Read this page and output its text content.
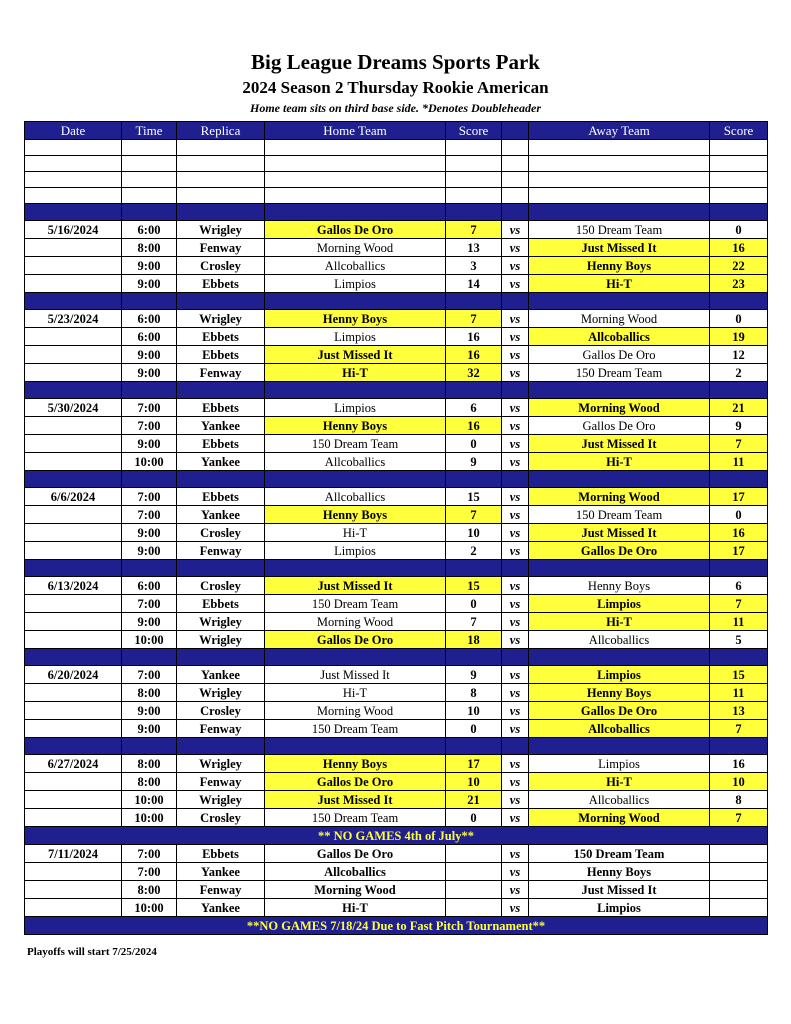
Big League Dreams Sports Park
2024 Season 2 Thursday Rookie American
Home team sits on third base side. *Denotes Doubleheader
Date	Time	Replica	Home Team	Score		Away Team	Score

5/16/2024	6:00	Wrigley	Gallos De Oro	7	vs	150 Dream Team	0
	8:00	Fenway	Morning Wood	13	vs	Just Missed It	16
	9:00	Crosley	Allcoballics	3	vs	Henny Boys	22
	9:00	Ebbets	Limpios	14	vs	Hi-T	23

5/23/2024	6:00	Wrigley	Henny Boys	7	vs	Morning Wood	0
	6:00	Ebbets	Limpios	16	vs	Allcoballics	19
	9:00	Ebbets	Just Missed It	16	vs	Gallos De Oro	12
	9:00	Fenway	Hi-T	32	vs	150 Dream Team	2

5/30/2024	7:00	Ebbets	Limpios	6	vs	Morning Wood	21
	7:00	Yankee	Henny Boys	16	vs	Gallos De Oro	9
	9:00	Ebbets	150 Dream Team	0	vs	Just Missed It	7
	10:00	Yankee	Allcoballics	9	vs	Hi-T	11

6/6/2024	7:00	Ebbets	Allcoballics	15	vs	Morning Wood	17
	7:00	Yankee	Henny Boys	7	vs	150 Dream Team	0
	9:00	Crosley	Hi-T	10	vs	Just Missed It	16
	9:00	Fenway	Limpios	2	vs	Gallos De Oro	17

6/13/2024	6:00	Crosley	Just Missed It	15	vs	Henny Boys	6
	7:00	Ebbets	150 Dream Team	0	vs	Limpios	7
	9:00	Wrigley	Morning Wood	7	vs	Hi-T	11
	10:00	Wrigley	Gallos De Oro	18	vs	Allcoballics	5

6/20/2024	7:00	Yankee	Just Missed It	9	vs	Limpios	15
	8:00	Wrigley	Hi-T	8	vs	Henny Boys	11
	9:00	Crosley	Morning Wood	10	vs	Gallos De Oro	13
	9:00	Fenway	150 Dream Team	0	vs	Allcoballics	7

6/27/2024	8:00	Wrigley	Henny Boys	17	vs	Limpios	16
	8:00	Fenway	Gallos De Oro	10	vs	Hi-T	10
	10:00	Wrigley	Just Missed It	21	vs	Allcoballics	8
	10:00	Crosley	150 Dream Team	0	vs	Morning Wood	7
** NO GAMES 4th of July**							
7/11/2024	7:00	Ebbets	Gallos De Oro		vs	150 Dream Team	
	7:00	Yankee	Allcoballics		vs	Henny Boys	
	8:00	Fenway	Morning Wood		vs	Just Missed It	
	10:00	Yankee	Hi-T		vs	Limpios	
**NO GAMES 7/18/24 Due to Fast Pitch Tournament**							
Playoffs will start 7/25/2024
